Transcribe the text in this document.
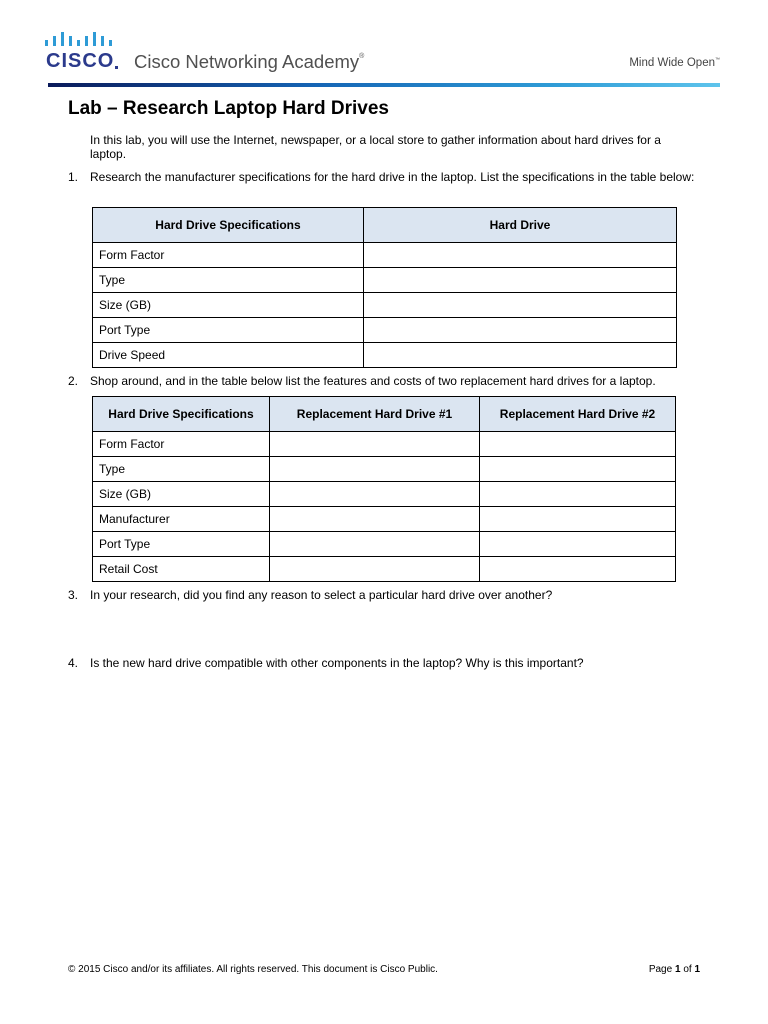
CISCO Cisco Networking Academy®
Mind Wide Open™
Lab – Research Laptop Hard Drives
In this lab, you will use the Internet, newspaper, or a local store to gather information about hard drives for a laptop.
1. Research the manufacturer specifications for the hard drive in the laptop. List the specifications in the table below:
Hard Drive Specifications	Hard Drive
Form Factor	
Type	
Size (GB)	
Port Type	
Drive Speed	
2. Shop around, and in the table below list the features and costs of two replacement hard drives for a laptop.
Hard Drive Specifications	Replacement Hard Drive #1	Replacement Hard Drive #2
Form Factor		
Type		
Size (GB)		
Manufacturer		
Port Type		
Retail Cost		
3. In your research, did you find any reason to select a particular hard drive over another?
4. Is the new hard drive compatible with other components in the laptop? Why is this important?
© 2015 Cisco and/or its affiliates. All rights reserved. This document is Cisco Public.	Page 1 of 1
